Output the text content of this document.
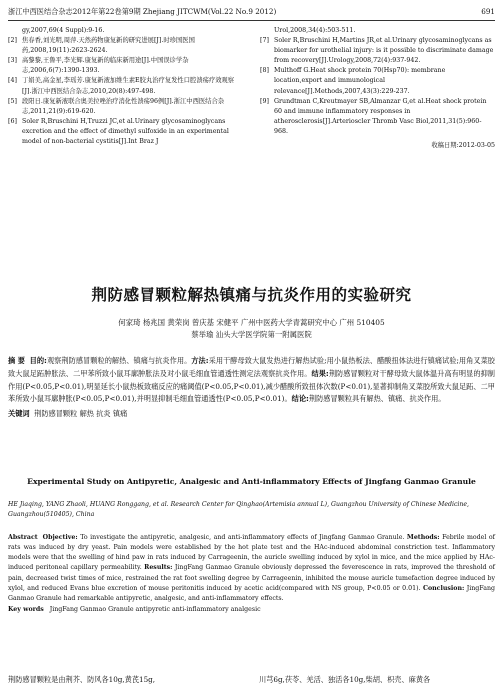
浙江中西医结合杂志2012年第22卷第9期 Zhejiang JITCWM(Vol.22 No.9 2012)	691
gy,2007,69(4 Suppl):9-16.
[2] 焦春香,刘光明,周萍.天然药物康复新的研究进展[J].时珍国医国药,2008,19(11):2623-2624.
[3] 高黎黎,王鲁平,李光辉.康复新的临床新用途[J].中国误诊学杂志,2006,6(7):1390-1393.
[4] 丁娟美,高金星,李瑶芳.康复新液加维生素E胶丸治疗复发性口腔溃疡疗效观察[J].浙江中西医结合杂志,2010,20(8):497-498.
[5] 段阳日.康复新液联合奥美拉唑治疗消化性溃疡96例[J].浙江中西医结合杂志,2011,21(9):619-620.
[6] Soler R,Bruschini H,Truzzi JC,et al.Urinary glycosaminoglycans excretion and the effect of dimethyl sulfoxide in an experimental model of non-bacterial cystitis[J].Int Braz J
Urol,2008,34(4):503-511.
[7] Soler R,Bruschini H,Martins JR,et al.Urinary glycosaminoglycans as biomarker for urothelial injury: is it possible to discriminate damage from recovery[J].Urology,2008,72(4):937-942.
[8] Multhoff G.Heat shock protein 70(Hsp70): membrane location,export and immunological relevance[J].Methods,2007,43(3):229-237.
[9] Grundtman C,Kreutmayer SB,Almanzar G,et al.Heat shock protein 60 and immune inflammatory responses in atherosclerosis[J].Arterioscler Thromb Vasc Biol,2011,31(5):960-968.
收稿日期:2012-03-05
荆防感冒颗粒解热镇痛与抗炎作用的实验研究
何家琦 杨兆国 黄荣岗 曾庆基 宋健平 广州中医药大学青蒿研究中心 广州 510405
蔡举瑜 汕头大学医学院第一附属医院
摘 要 目的:观察荆防感冒颗粒的解热、镇痛与抗炎作用。方法:采用干酵母致大鼠发热进行解热试验;用小鼠热板法、醋酸扭体法进行镇痛试验;用角叉菜胶致大鼠足跖肿胀法、二甲苯所致小鼠耳廓肿胀法及对小鼠毛细血管通透性测定法观察抗炎作用。结果:荆防感冒颗粒对干酵母致大鼠体温升高有明显的抑制作用(P<0.05,P<0.01),明显延长小鼠热板致痛反应的痛阈值(P<0.05,P<0.01),减少醋酸所致扭体次数(P<0.01),显著抑制角叉菜胶所致大鼠足跖、二甲苯所致小鼠耳廓肿胀(P<0.05,P<0.01),并明显抑制毛细血管通透性(P<0.05,P<0.01)。结论:荆防感冒颗粒具有解热、镇痛、抗炎作用。
关键词 荆防感冒颗粒 解热 抗炎 镇痛
Experimental Study on Antipyretic, Analgesic and Anti-inflammatory Effects of Jingfang Ganmao Granule
HE Jiaqing, YANG Zhaoli, HUANG Ronggang, et al. Research Center for Qinghao(Artemisia annual L), Guangzhou University of Chinese Medicine, Guangzhou(510405), China
Abstract Objective: To investigate the antipyretic, analgesic, and anti-inflammatory effects of Jingfang Ganmao Granule. Methods: Febrile model of rats was induced by dry yeast. Pain models were established by the hot plate test and the HAc-induced abdominal constriction test. Inflammatory models were that the swelling of hind paw in rats induced by Carrageenin, the auricle swelling induced by xylol in mice, and the mice applied by HAc-induced peritoneal capillary permeability. Results: JingFang Ganmao Granule obviously depressed the feverescence in rats, improved the threshold of pain, decreased twist times of mice, restrained the rat foot swelling degree by Carrageenin, inhibited the mouse auricle tumefaction degree induced by xylol, and reduced Evans blue excretion of mouse peritonitis induced by acetic acid(compared with NS group, P<0.05 or 0.01). Conclusion: JingFang Ganmao Granule had remarkable antipyretic, analgesic, and anti-inflammatory effects.
Key words JingFang Ganmao Granule antipyretic anti-inflammatory analgesic
荆防感冒颗粒是由荆芥、防风各10g,黄芪15g,	川芎6g,茯苓、羌活、独活各10g,柴胡、枳壳、麻黄各
